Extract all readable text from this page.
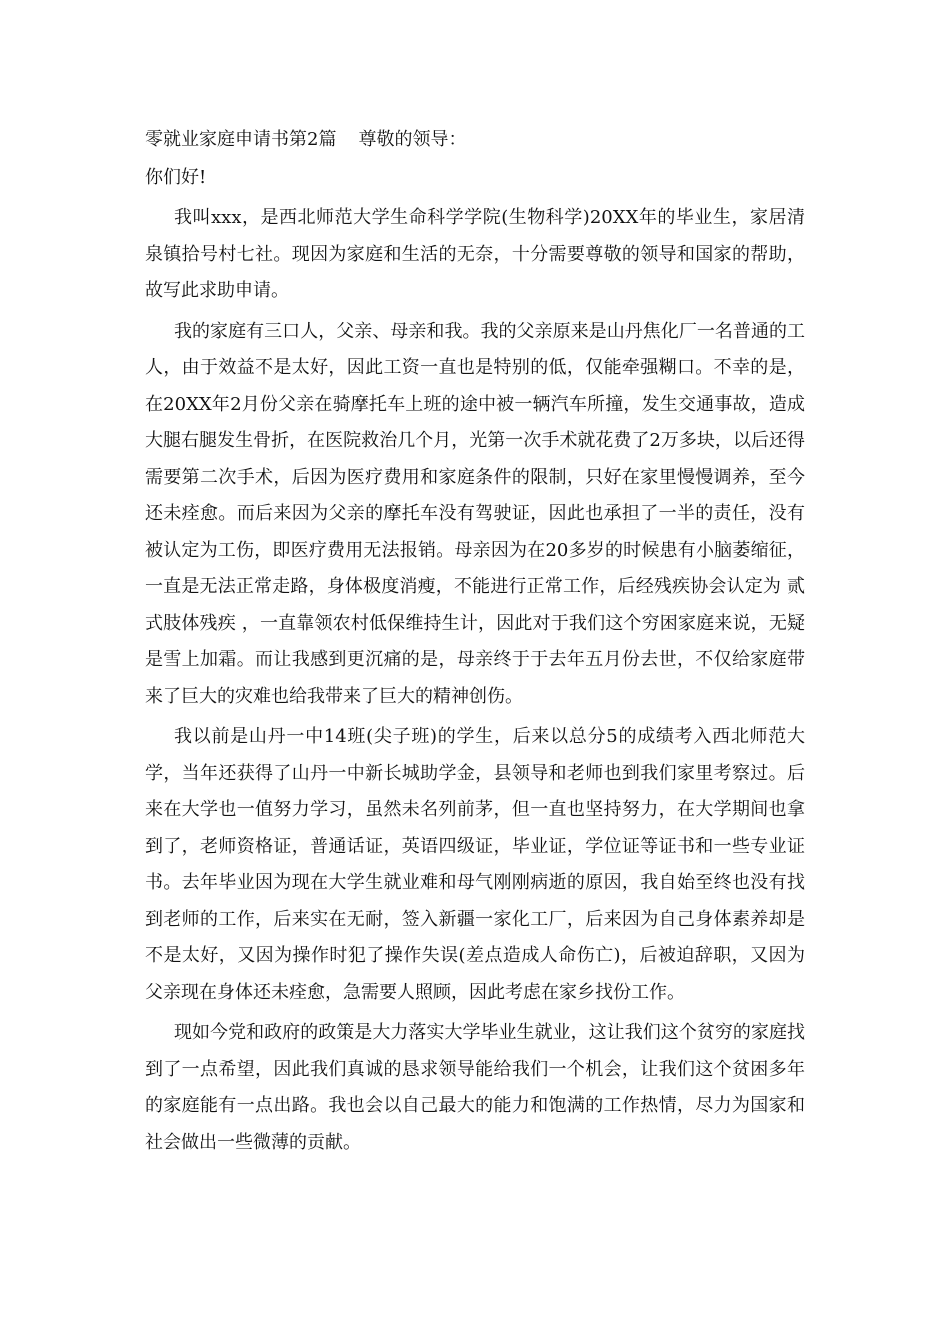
零就业家庭申请书第2篇 尊敬的领导：

你们好!

我叫xxx，是西北师范大学生命科学学院(生物科学)20XX年的毕业生，家居清泉镇拾号村七社。现因为家庭和生活的无奈，十分需要尊敬的领导和国家的帮助，故写此求助申请。

我的家庭有三口人，父亲、母亲和我。我的父亲原来是山丹焦化厂一名普通的工人，由于效益不是太好，因此工资一直也是特别的低，仅能牵强糊口。不幸的是，在20XX年2月份父亲在骑摩托车上班的途中被一辆汽车所撞，发生交通事故，造成大腿右腿发生骨折，在医院救治几个月，光第一次手术就花费了2万多块，以后还得需要第二次手术，后因为医疗费用和家庭条件的限制，只好在家里慢慢调养，至今还未痊愈。而后来因为父亲的摩托车没有驾驶证，因此也承担了一半的责任，没有被认定为工伤，即医疗费用无法报销。母亲因为在20多岁的时候患有小脑萎缩征，一直是无法正常走路，身体极度消瘦，不能进行正常工作，后经残疾协会认定为 贰式肢体残疾 ，一直靠领农村低保维持生计，因此对于我们这个穷困家庭来说，无疑是雪上加霜。而让我感到更沉痛的是，母亲终于于去年五月份去世，不仅给家庭带来了巨大的灾难也给我带来了巨大的精神创伤。

我以前是山丹一中14班(尖子班)的学生，后来以总分5的成绩考入西北师范大学，当年还获得了山丹一中新长城助学金，县领导和老师也到我们家里考察过。后来在大学也一值努力学习，虽然未名列前茅，但一直也坚持努力，在大学期间也拿到了，老师资格证，普通话证，英语四级证，毕业证，学位证等证书和一些专业证书。去年毕业因为现在大学生就业难和母气刚刚病逝的原因，我自始至终也没有找到老师的工作，后来实在无耐，签入新疆一家化工厂，后来因为自己身体素养却是不是太好，又因为操作时犯了操作失误(差点造成人命伤亡)，后被迫辞职，又因为父亲现在身体还未痊愈，急需要人照顾，因此考虑在家乡找份工作。

现如今党和政府的政策是大力落实大学毕业生就业，这让我们这个贫穷的家庭找到了一点希望，因此我们真诚的恳求领导能给我们一个机会，让我们这个贫困多年的家庭能有一点出路。我也会以自己最大的能力和饱满的工作热情，尽力为国家和社会做出一些微薄的贡献。
